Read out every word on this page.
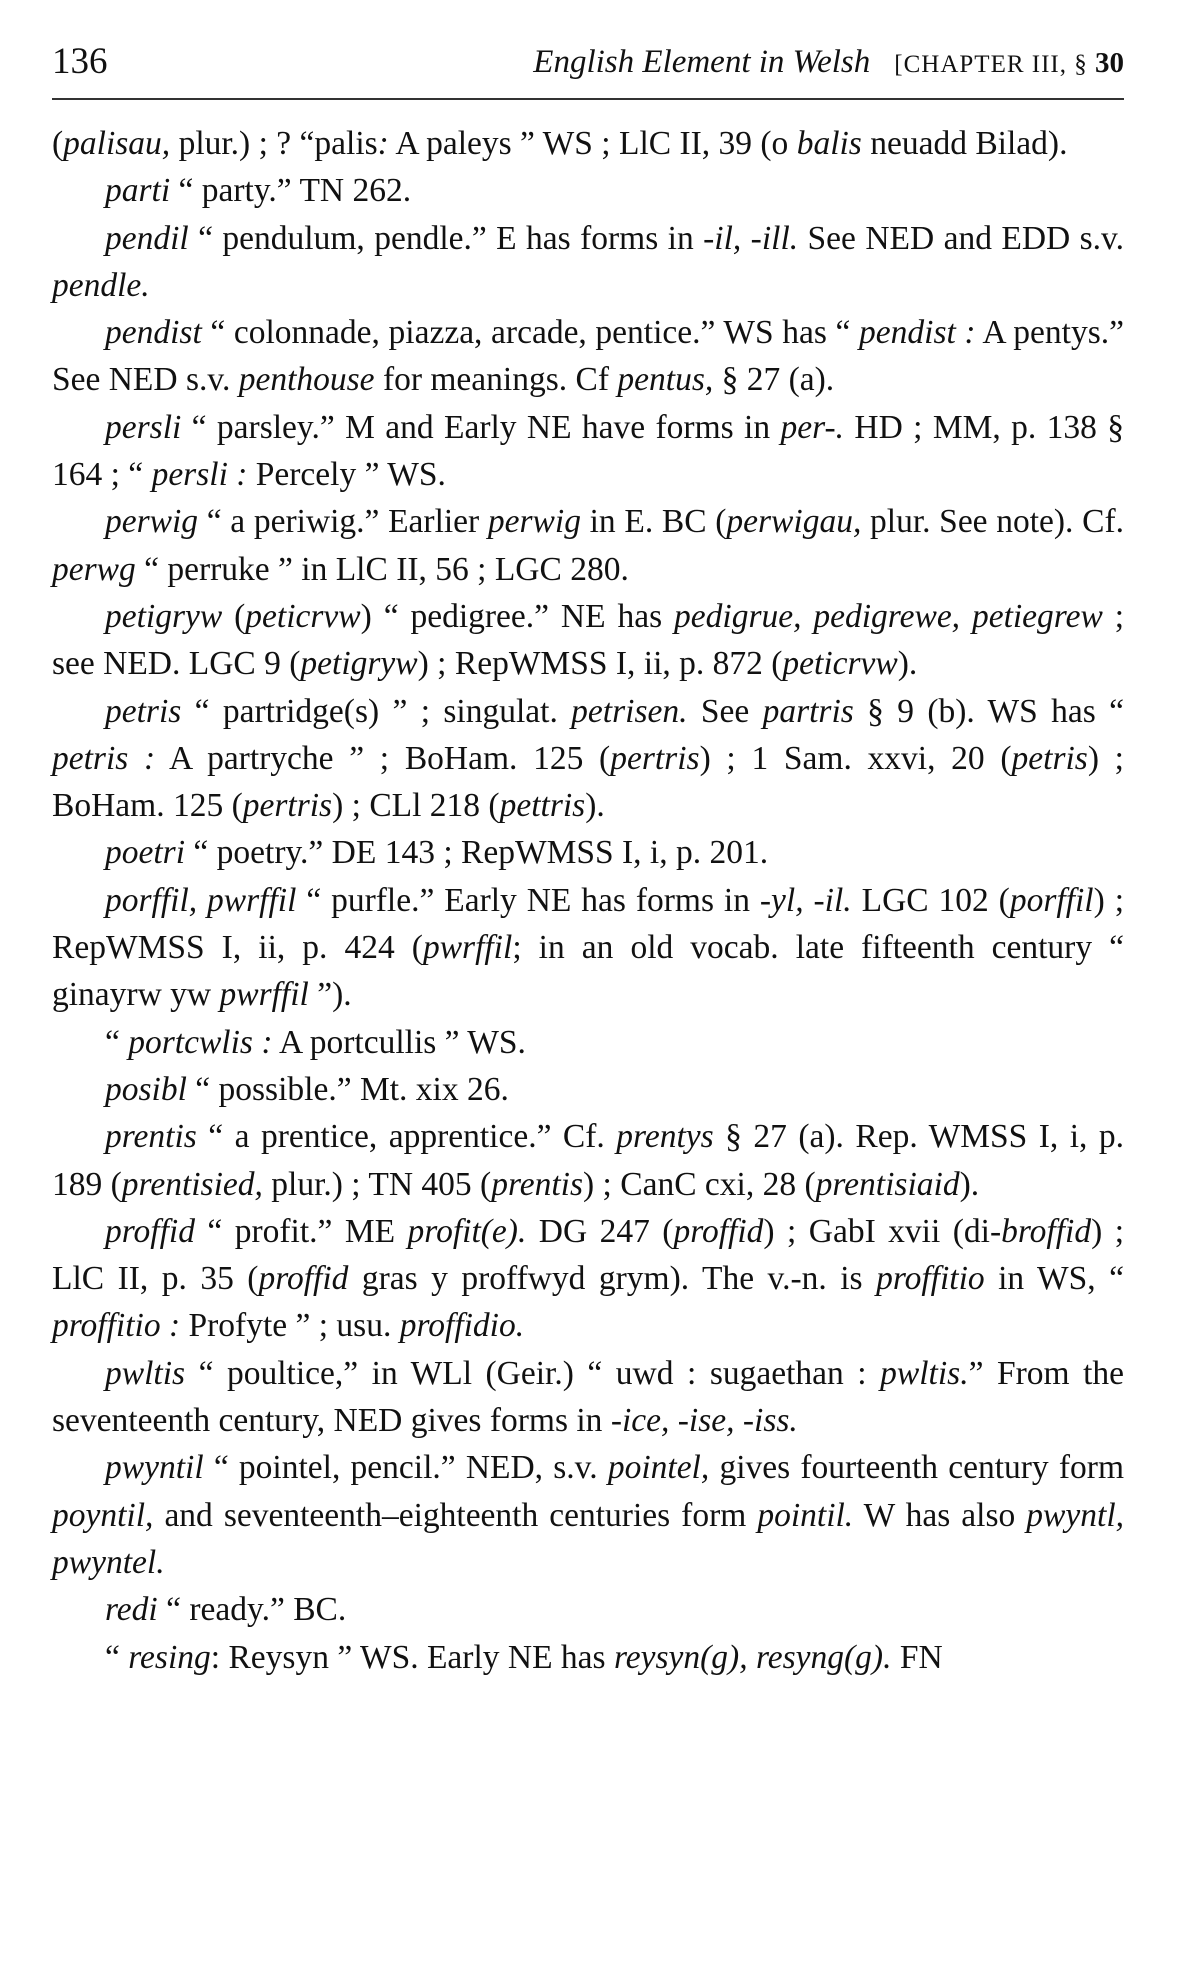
136	English Element in Welsh [CHAPTER III, § 30

(palisau, plur.) ; ? “palis: A paleys ” WS ; LlC II, 39 (o balis neuadd Bilad).

parti “ party.” TN 262.

pendil “ pendulum, pendle.” E has forms in -il, -ill. See NED and EDD s.v. pendle.

pendist “ colonnade, piazza, arcade, pentice.” WS has “ pendist : A pentys.” See NED s.v. penthouse for meanings. Cf pentus, § 27 (a).

persli “ parsley.” M and Early NE have forms in per-. HD ; MM, p. 138 § 164 ; “ persli : Percely ” WS.

perwig “ a periwig.” Earlier perwig in E. BC (perwigau, plur. See note). Cf. perwg “ perruke ” in LlC II, 56 ; LGC 280.

petigryw (peticrvw) “ pedigree.” NE has pedigrue, pedigrewe, petiegrew ; see NED. LGC 9 (petigryw) ; RepWMSS I, ii, p. 872 (peticrvw).

petris “ partridge(s) ” ; singulat. petrisen. See partris § 9 (b). WS has “ petris : A partryche ” ; BoHam. 125 (pertris) ; 1 Sam. xxvi, 20 (petris) ; BoHam. 125 (pertris) ; CLl 218 (pettris).

poetri “ poetry.” DE 143 ; RepWMSS I, i, p. 201.

porffil, pwrffil “ purfle.” Early NE has forms in -yl, -il. LGC 102 (porffil) ; RepWMSS I, ii, p. 424 (pwrffil; in an old vocab. late fifteenth century “ ginayrw yw pwrffil ”).

“ portcwlis : A portcullis ” WS.

posibl “ possible.” Mt. xix 26.

prentis “ a prentice, apprentice.” Cf. prentys § 27 (a). Rep. WMSS I, i, p. 189 (prentisied, plur.) ; TN 405 (prentis) ; CanC cxi, 28 (prentisiaid).

proffid “ profit.” ME profit(e). DG 247 (proffid) ; GabI xvii (di-broffid) ; LlC II, p. 35 (proffid gras y proffwyd grym). The v.-n. is proffitio in WS, “ proffitio : Profyte ” ; usu. proffidio.

pwltis “ poultice,” in WLl (Geir.) “ uwd : sugaethan : pwltis.” From the seventeenth century, NED gives forms in -ice, -ise, -iss.

pwyntil “ pointel, pencil.” NED, s.v. pointel, gives fourteenth century form poyntil, and seventeenth–eighteenth centuries form pointil. W has also pwyntl, pwyntel.

redi “ ready.” BC.

“ resing: Reysyn ” WS. Early NE has reysyn(g), resyng(g). FN
